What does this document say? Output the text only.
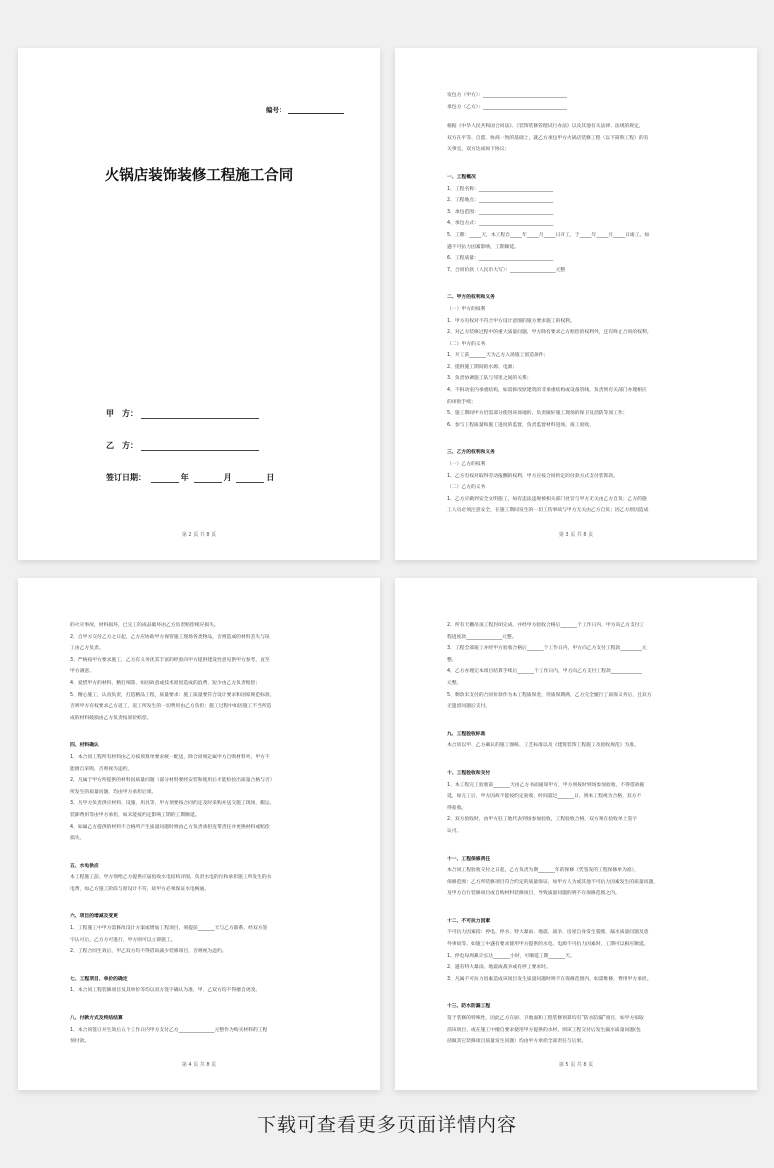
编号：
火锅店装饰装修工程施工合同
甲　方：
乙　方：
签订日期：	年	月	日
第 2 页 共 8 页
发包方（甲方）：___________________________________
承包方（乙方）：___________________________________
根据《中华人民共和国合同法》、《装饰装修管理试行办法》以及其他有关法律、法规的规定，
双方在平等、自愿、协商一致的基础上，就乙方承包甲方火锅店装修工程（以下简称工程）的有
关事宜，双方达成如下协议：
一、工程概况
1、工程名称：_______________________________
2、工程地点：_______________________________
3、承包范围：_______________________________
4、承包方式：_______________________________
5、工期：_____天，本工程自_____年_____月_____日开工，于_____年_____月_____日竣工。如
遇不可抗力因素影响，工期顺延。
6、工程质量：_______________________________
7、合同价款（人民币大写）：___________________元整
二、甲方的权利和义务
（一）甲方的权利
1、甲方有权对不符合甲方设计意图的施方要求施工的权利。
2、对乙方装修过程中的重大质量问题，甲方除有要求乙方赔偿的权利外，还有终止合同的权利。
（二）甲方的义务
1、开工前_______天为乙方入场施工创造条件；
2、提供施工期间的水源、电源；
3、负责协调施工队与邻里之间的关系；
4、不拆动室内承重结构，如需拆改原建筑的非承重结构或设备管线，负责到有关部门办理相应
的审批手续；
5、施工期间甲方仍需部分使用该场地的，负责做好施工现场的保卫及消防等项工作；
6、参与工程质量和施工进度的监督，负责监督材料进场，竣工验收。
三、乙方的权利和义务
（一）乙方的权利
1、乙方有权对取得劳动报酬的权利，甲方应按合同约定的付款方式支付装饰款。
（二）乙方的义务
1、乙方应做到安全文明施工，如有违法违规被相关部门处罚与甲方无关由乙方自负；乙方的施
工人员必须注意安全，在施工期间发生的一切工伤事故与甲方无关由乙方自负；因乙方原因造成
第 3 页 共 8 页
的火灾事故，材料损坏，已完工的成品破坏由乙方负责赔偿相应损失。
2、自甲方交付乙方之日起，乙方应协助甲方保管施工现场各类物品，否则造成的材料丢失与误
工由乙方负责。
3、严格按甲方要求施工，乙方有义务优其丰富的经验向甲方提供建设性意见供甲方参考，直至
甲方满意。
4、爱惜甲方的材料，精打细算，如因故意或技术原因造成的浪费、短少由乙方负责赔偿；
5、精心施工，认真负责，打造精品工程，质量要求：施工质量要符合设计要求和国家规范标准，
否则甲方有权要求乙方返工，返工所发生的一切费用由乙方负担；施工过程中如因施工不当所造
成的材料破损由乙方负责按原价赔偿。
四、材料确认
1、本合同工程所有材料由乙方按预算单要求统一配送，除合同规定属甲方自购材料外，甲方不
能擅自采购，否则视为违约。
2、凡属于甲方所提供的材料因质量问题（部分材料要经安装和使用后才能检验出质量合格与否）
所发生的质量问题，均由甲方承担后果。
3、凡甲方负责供应材料、设施、用具等，甲方须要按合同约定及时采购并送交施工现场，搬运、
装卸费用等由甲方承担，如未能按约定影响工期的工期顺延。
4、如属乙方提供的材料不合格所产生质量问题时则由乙方负责承担连带责任并更换材料或赔偿
损失。
五、水电供应
本工程施工前，甲方须给乙方提供应届验收水电结构详图，负责水电的位和承担施工所发生的水
电费，如乙方施工阶段与原设计不符，故甲方必须保证水电畅通。
六、项目的增减及变更
1、工程施工中甲方需修改设计方案或增加工程项目，须提前_______天与乙方联系，经双方签
字认可后，乙方方可进行，甲方则可以立即施工。
2、工程合同生效后，甲乙双方均不得借故减少装修项目，否则视为违约。
七、工程项目、单价的确定
1、本合同工程装修项目及其单价等均以双方签字确认为准，甲、乙双方均不得擅自更改。
八、付款方式及终结结算
1、本合同签订并生效后五个工作日内甲方支付乙方_______________元整作为购买材料的工程
预付款。
第 4 页 共 8 页
2、所有天棚吊顶工程封闭完成、并经甲方验收合格后_______个工作日内，甲方向乙方支付工
程进度款_______________元整。
3、工程全部竣工并经甲方验收合格后_______个工作日内，甲方向乙方支付工程款_________元
整。
4、乙方办理完本项目结算手续后_______个工作日内，甲方向乙方支付工程款_____________
元整。
5、剩余未支付的合同价款作为本工程质保金，待质保期满，乙方完全履行了质保义务后，且双方
无遗留问题后支付。
九、工程验收标准
本合同以甲、乙方确认的施工图纸、工艺标准以及《建筑装饰工程施工及验收规范》为准。
十、工程验收和交付
1、本工程完工验收前_______天由乙方书面通知甲方，甲方须按时到场参加验收，不得借故拖
延，如完工后，甲方因故不能按约定验收，时间超过_______日，则本工程视为合格，双方不
得验收。
2、双方验收时，由甲方驻工地代表到场参加验收，工程验收合格，双方须在验收单上签字
认可。
十一、工程保修责任
本合同工程验收交付之日起，乙方负责为期_______年的保修（凭签发的工程保修单为准），
保修范围：乙方所装修项目符合约定的质量保证，如甲方人为或其他不可抗力因素发生的质量问题，
及甲方自行装修项目或自购材料装修项目，导致质量问题的则不在保修范围之内。
十二、不可抗力因素
不可抗力因素指：停电、停水、特大暴雨、地震、战争，房屋自身发生裂缝、漏水质量问题及意
外事故等。如施工中遇有要求使用甲方提供的水电、电源不可抗力因素时，工期可以相应顺延。
1、停电每周累计长达_______小时，可顺延工期_______天。
2、遇有特大暴雨、地震或战争或有停工要求时。
3、凡属不可抗力因素造成该项目发生质量问题时则不在保修范围内，如需维修，费用甲方承担。
十三、防水防漏工程
签于装修的特殊性，因此乙方在厨、卫地面和工程装修预算均有“防水防漏”项目，如甲方拟取
消该项目，或在施工中擅自要求使用甲方提供的水材，则该工程交付后发生漏水质量问题(包
括做其它装修项目质量发生问题）均由甲方承担全部责任与后果。
第 5 页 共 8 页
下载可查看更多页面详情内容
